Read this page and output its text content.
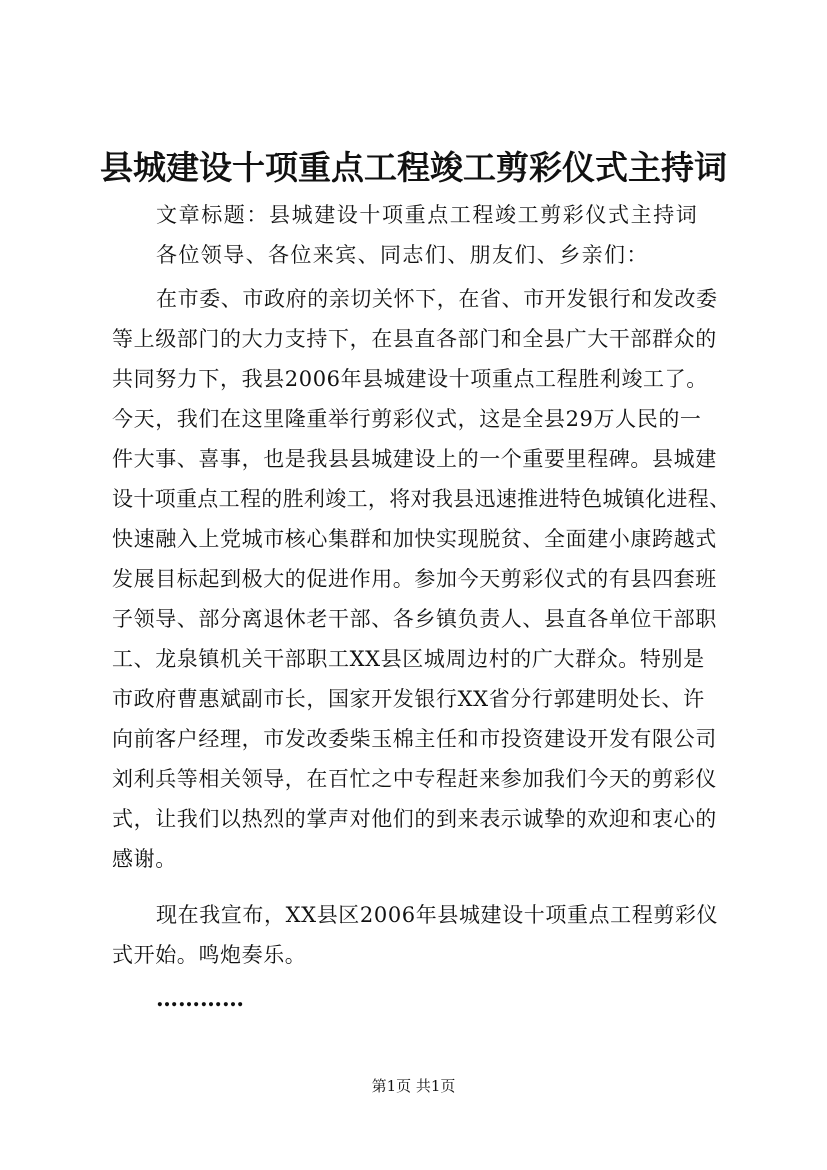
县城建设十项重点工程竣工剪彩仪式主持词
文章标题：县城建设十项重点工程竣工剪彩仪式主持词
各位领导、各位来宾、同志们、朋友们、乡亲们：
在市委、市政府的亲切关怀下，在省、市开发银行和发改委
等上级部门的大力支持下，在县直各部门和全县广大干部群众的
共同努力下，我县2006年县城建设十项重点工程胜利竣工了。
今天，我们在这里隆重举行剪彩仪式，这是全县29万人民的一
件大事、喜事，也是我县县城建设上的一个重要里程碑。县城建
设十项重点工程的胜利竣工，将对我县迅速推进特色城镇化进程、
快速融入上党城市核心集群和加快实现脱贫、全面建小康跨越式
发展目标起到极大的促进作用。参加今天剪彩仪式的有县四套班
子领导、部分离退休老干部、各乡镇负责人、县直各单位干部职
工、龙泉镇机关干部职工XX县区城周边村的广大群众。特别是
市政府曹惠斌副市长，国家开发银行XX省分行郭建明处长、许
向前客户经理，市发改委柴玉棉主任和市投资建设开发有限公司
刘利兵等相关领导，在百忙之中专程赶来参加我们今天的剪彩仪
式，让我们以热烈的掌声对他们的到来表示诚挚的欢迎和衷心的
感谢。
现在我宣布，XX县区2006年县城建设十项重点工程剪彩仪
式开始。鸣炮奏乐。
…………
第1页 共1页
